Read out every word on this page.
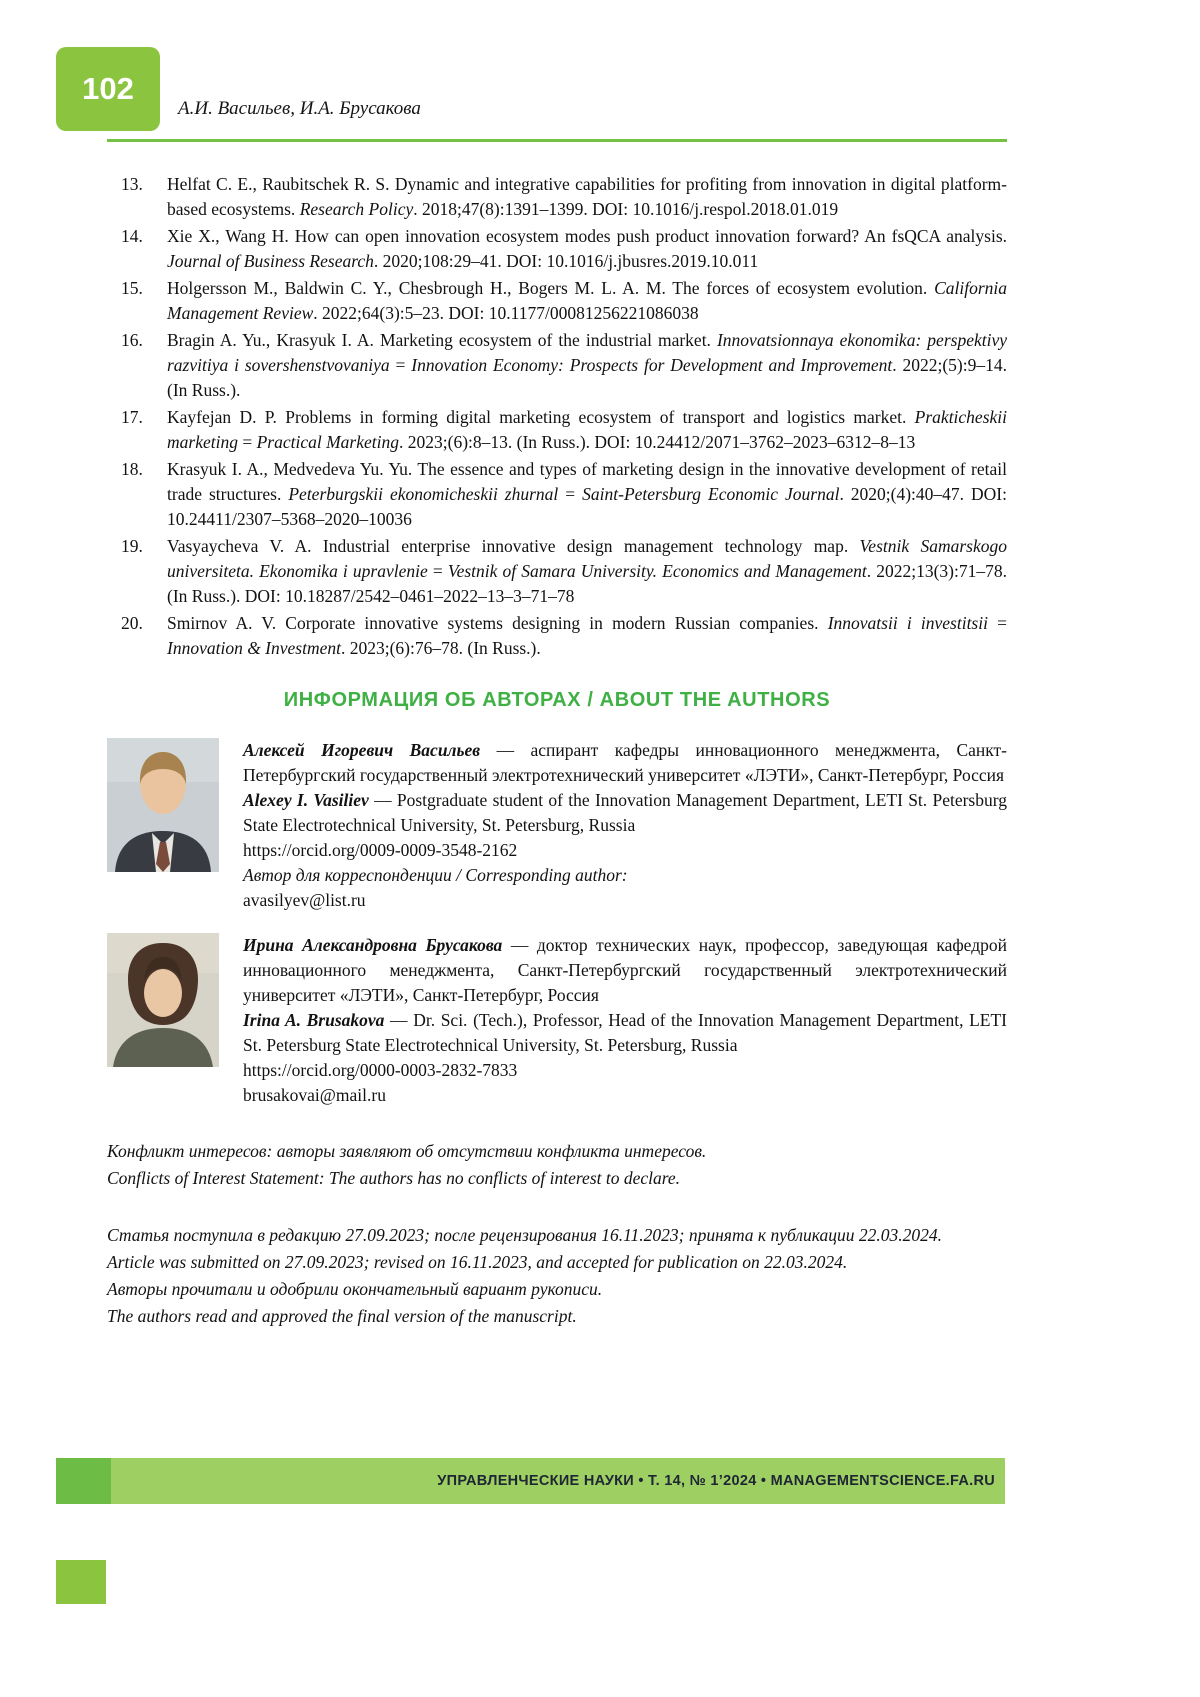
102
А.И. Васильев, И.А. Брусакова
13.	Helfat C. E., Raubitschek R. S. Dynamic and integrative capabilities for profiting from innovation in digital platform-based ecosystems. Research Policy. 2018;47(8):1391–1399. DOI: 10.1016/j.respol.2018.01.019
14.	Xie X., Wang H. How can open innovation ecosystem modes push product innovation forward? An fsQCA analysis. Journal of Business Research. 2020;108:29–41. DOI: 10.1016/j.jbusres.2019.10.011
15.	Holgersson M., Baldwin C. Y., Chesbrough H., Bogers M. L. A. M. The forces of ecosystem evolution. California Management Review. 2022;64(3):5–23. DOI: 10.1177/00081256221086038
16.	Bragin A. Yu., Krasyuk I. A. Marketing ecosystem of the industrial market. Innovatsionnaya ekonomika: perspektivy razvitiya i sovershenstvovaniya = Innovation Economy: Prospects for Development and Improvement. 2022;(5):9–14. (In Russ.).
17.	Kayfejan D. P. Problems in forming digital marketing ecosystem of transport and logistics market. Prakticheskii marketing = Practical Marketing. 2023;(6):8–13. (In Russ.). DOI: 10.24412/2071–3762–2023–6312–8–13
18.	Krasyuk I. A., Medvedeva Yu. Yu. The essence and types of marketing design in the innovative development of retail trade structures. Peterburgskii ekonomicheskii zhurnal = Saint-Petersburg Economic Journal. 2020;(4):40–47. DOI: 10.24411/2307–5368–2020–10036
19.	Vasyaycheva V. A. Industrial enterprise innovative design management technology map. Vestnik Samarskogo universiteta. Ekonomika i upravlenie = Vestnik of Samara University. Economics and Management. 2022;13(3):71–78. (In Russ.). DOI: 10.18287/2542–0461–2022–13–3–71–78
20.	Smirnov A. V. Corporate innovative systems designing in modern Russian companies. Innovatsii i investitsii = Innovation & Investment. 2023;(6):76–78. (In Russ.).
ИНФОРМАЦИЯ ОБ АВТОРАХ / ABOUT THE AUTHORS
Алексей Игоревич Васильев — аспирант кафедры инновационного менеджмента, Санкт-Петербургский государственный электротехнический университет «ЛЭТИ», Санкт-Петербург, Россия
Alexey I. Vasiliev — Postgraduate student of the Innovation Management Department, LETI St. Petersburg State Electrotechnical University, St. Petersburg, Russia
https://orcid.org/0009-0009-3548-2162
Автор для корреспонденции / Corresponding author:
avasilyev@list.ru
Ирина Александровна Брусакова — доктор технических наук, профессор, заведующая кафедрой инновационного менеджмента, Санкт-Петербургский государственный электротехнический университет «ЛЭТИ», Санкт-Петербург, Россия
Irina A. Brusakova — Dr. Sci. (Tech.), Professor, Head of the Innovation Management Department, LETI St. Petersburg State Electrotechnical University, St. Petersburg, Russia
https://orcid.org/0000-0003-2832-7833
brusakovai@mail.ru
Конфликт интересов: авторы заявляют об отсутствии конфликта интересов.
Conflicts of Interest Statement: The authors has no conflicts of interest to declare.
Статья поступила в редакцию 27.09.2023; после рецензирования 16.11.2023; принята к публикации 22.03.2024.
Article was submitted on 27.09.2023; revised on 16.11.2023, and accepted for publication on 22.03.2024.
Авторы прочитали и одобрили окончательный вариант рукописи.
The authors read and approved the final version of the manuscript.
УПРАВЛЕНЧЕСКИЕ НАУКИ • Т. 14, № 1’2024 • MANAGEMENTSCIENCE.FA.RU
